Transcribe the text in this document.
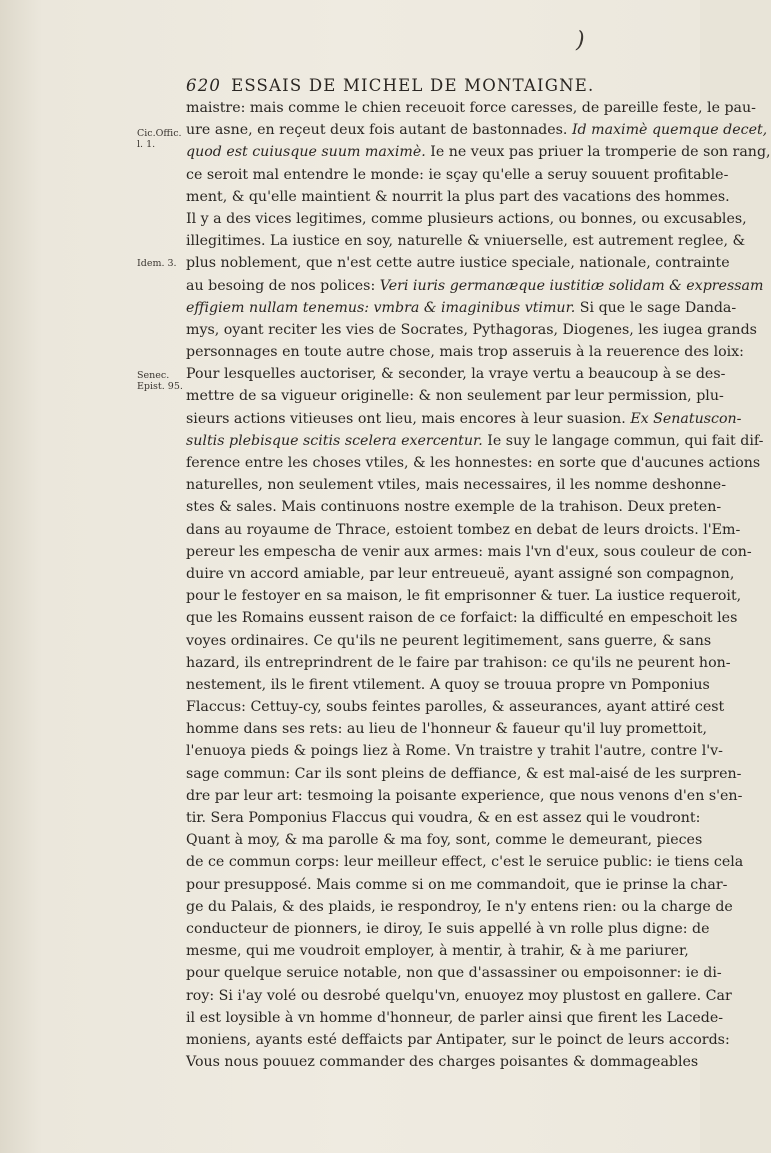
)
620 ESSAIS DE MICHEL DE MONTAIGNE.
Cic.Offic. l. 1.
Idem. 3.
Senec. Epist. 95.
maistre: mais comme le chien receuoit force caresses, de pareille feste, le pau-
ure asne, en reçeut deux fois autant de bastonnades. Id maximè quemque decet,
quod est cuiusque suum maximè. Ie ne veux pas priuer la tromperie de son rang,
ce seroit mal entendre le monde: ie sçay qu'elle a seruy souuent profitable-
ment, & qu'elle maintient & nourrit la plus part des vacations des hommes.
Il y a des vices legitimes, comme plusieurs actions, ou bonnes, ou excusables,
illegitimes. La iustice en soy, naturelle & vniuerselle, est autrement reglee, &
plus noblement, que n'est cette autre iustice speciale, nationale, contrainte
au besoing de nos polices: Veri iuris germanæque iustitiæ solidam & expressam
effigiem nullam tenemus: vmbra & imaginibus vtimur. Si que le sage Danda-
mys, oyant reciter les vies de Socrates, Pythagoras, Diogenes, les iugea grands
personnages en toute autre chose, mais trop asseruis à la reuerence des loix:
Pour lesquelles auctoriser, & seconder, la vraye vertu a beaucoup à se des-
mettre de sa vigueur originelle: & non seulement par leur permission, plu-
sieurs actions vitieuses ont lieu, mais encores à leur suasion. Ex Senatuscon-
sultis plebisque scitis scelera exercentur. Ie suy le langage commun, qui fait dif-
ference entre les choses vtiles, & les honnestes: en sorte que d'aucunes actions
naturelles, non seulement vtiles, mais necessaires, il les nomme deshonne-
stes & sales. Mais continuons nostre exemple de la trahison. Deux preten-
dans au royaume de Thrace, estoient tombez en debat de leurs droicts. l'Em-
pereur les empescha de venir aux armes: mais l'vn d'eux, sous couleur de con-
duire vn accord amiable, par leur entreueuë, ayant assigné son compagnon,
pour le festoyer en sa maison, le fit emprisonner & tuer. La iustice requeroit,
que les Romains eussent raison de ce forfaict: la difficulté en empeschoit les
voyes ordinaires. Ce qu'ils ne peurent legitimement, sans guerre, & sans
hazard, ils entreprindrent de le faire par trahison: ce qu'ils ne peurent hon-
nestement, ils le firent vtilement. A quoy se trouua propre vn Pomponius
Flaccus: Cettuy-cy, soubs feintes parolles, & asseurances, ayant attiré cest
homme dans ses rets: au lieu de l'honneur & faueur qu'il luy promettoit,
l'enuoya pieds & poings liez à Rome. Vn traistre y trahit l'autre, contre l'v-
sage commun: Car ils sont pleins de deffiance, & est mal-aisé de les surpren-
dre par leur art: tesmoing la poisante experience, que nous venons d'en s'en-
tir. Sera Pomponius Flaccus qui voudra, & en est assez qui le voudront:
Quant à moy, & ma parolle & ma foy, sont, comme le demeurant, pieces
de ce commun corps: leur meilleur effect, c'est le seruice public: ie tiens cela
pour presupposé. Mais comme si on me commandoit, que ie prinse la char-
ge du Palais, & des plaids, ie respondroy, Ie n'y entens rien: ou la charge de
conducteur de pionners, ie diroy, Ie suis appellé à vn rolle plus digne: de
mesme, qui me voudroit employer, à mentir, à trahir, & à me pariurer,
pour quelque seruice notable, non que d'assassiner ou empoisonner: ie di-
roy: Si i'ay volé ou desrobé quelqu'vn, enuoyez moy plustost en gallere. Car
il est loysible à vn homme d'honneur, de parler ainsi que firent les Lacede-
moniens, ayants esté deffaicts par Antipater, sur le poinct de leurs accords:
Vous nous pouuez commander des charges poisantes & dommageables
